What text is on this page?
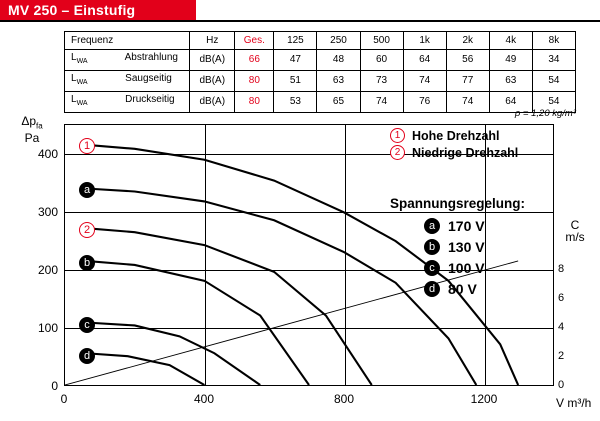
MV 250 – Einstufig
Frequenz	Hz	Ges.	125	250	500	1k	2k	4k	8k
$L_{WA}$ Abstrahlung	dB(A)	66	47	48	60	64	56	49	34
$L_{WA}$ Saugseitig	dB(A)	80	51	63	73	74	77	63	54
$L_{WA}$ Druckseitig	dB(A)	80	53	65	74	76	74	64	54
ρ = 1,20 kg/m³
$\Delta p_{fa}$
Pa
V m³/h
C
m/s
0
100
200
300
400
0	400	800	1200
0
2
4
6
8
1
a
2
b
c
d
1 Hohe Drehzahl
2 Niedrige Drehzahl
Spannungsregelung:
a 170 V
b 130 V
c 100 V
d 80 V
